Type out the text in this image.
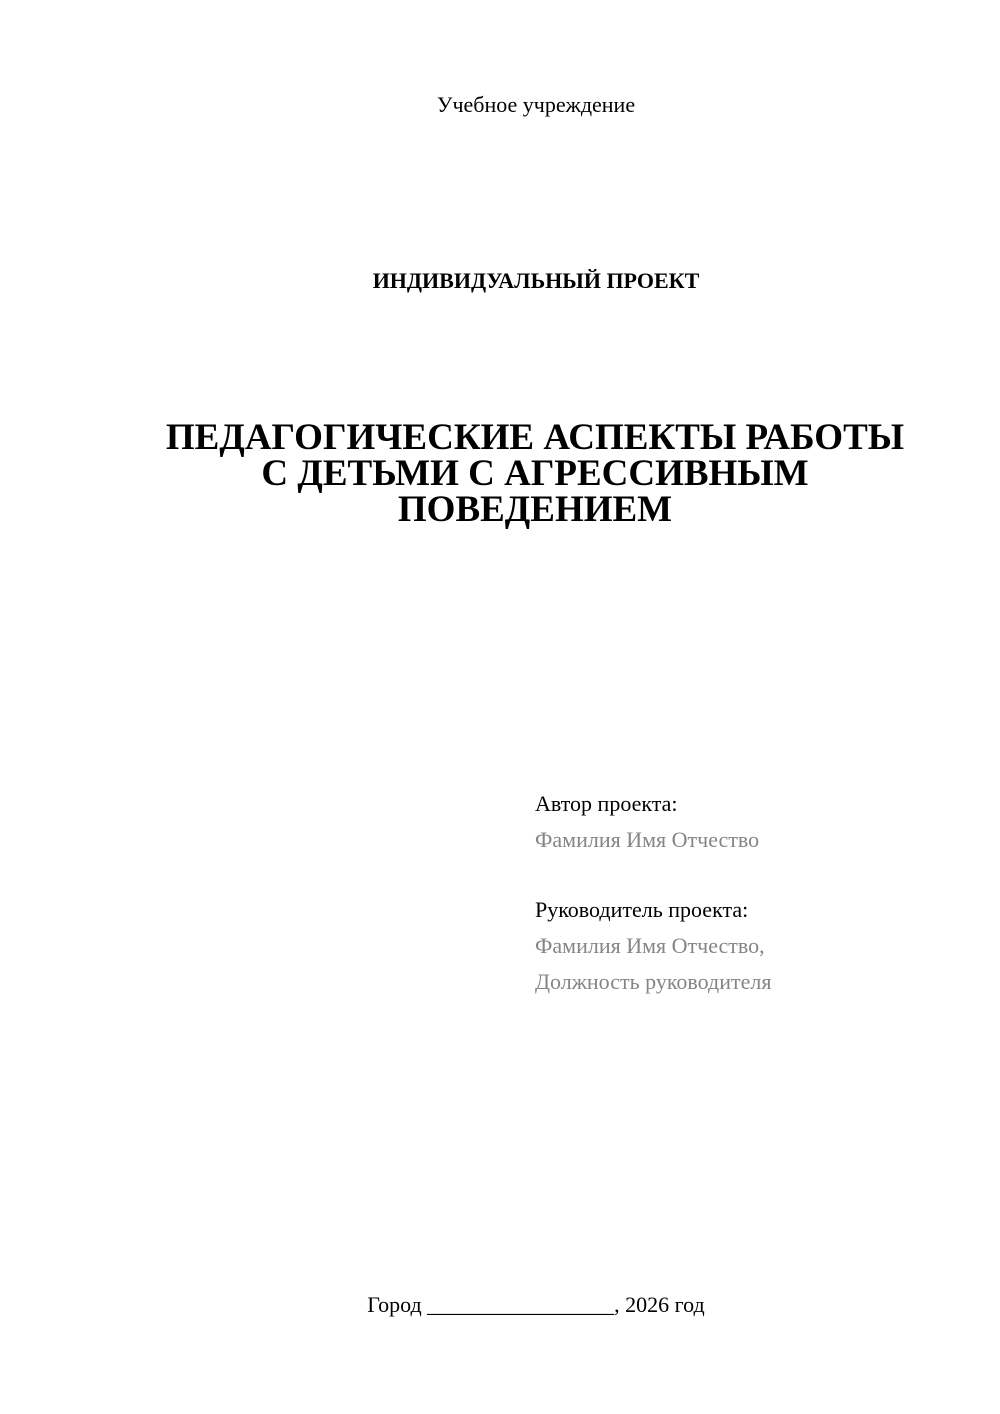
Учебное учреждение
ИНДИВИДУАЛЬНЫЙ ПРОЕКТ
ПЕДАГОГИЧЕСКИЕ АСПЕКТЫ РАБОТЫ
С ДЕТЬМИ С АГРЕССИВНЫМ
ПОВЕДЕНИЕМ
Автор проекта:
Фамилия Имя Отчество
Руководитель проекта:
Фамилия Имя Отчество,
Должность руководителя
Город _________________, 2026 год
